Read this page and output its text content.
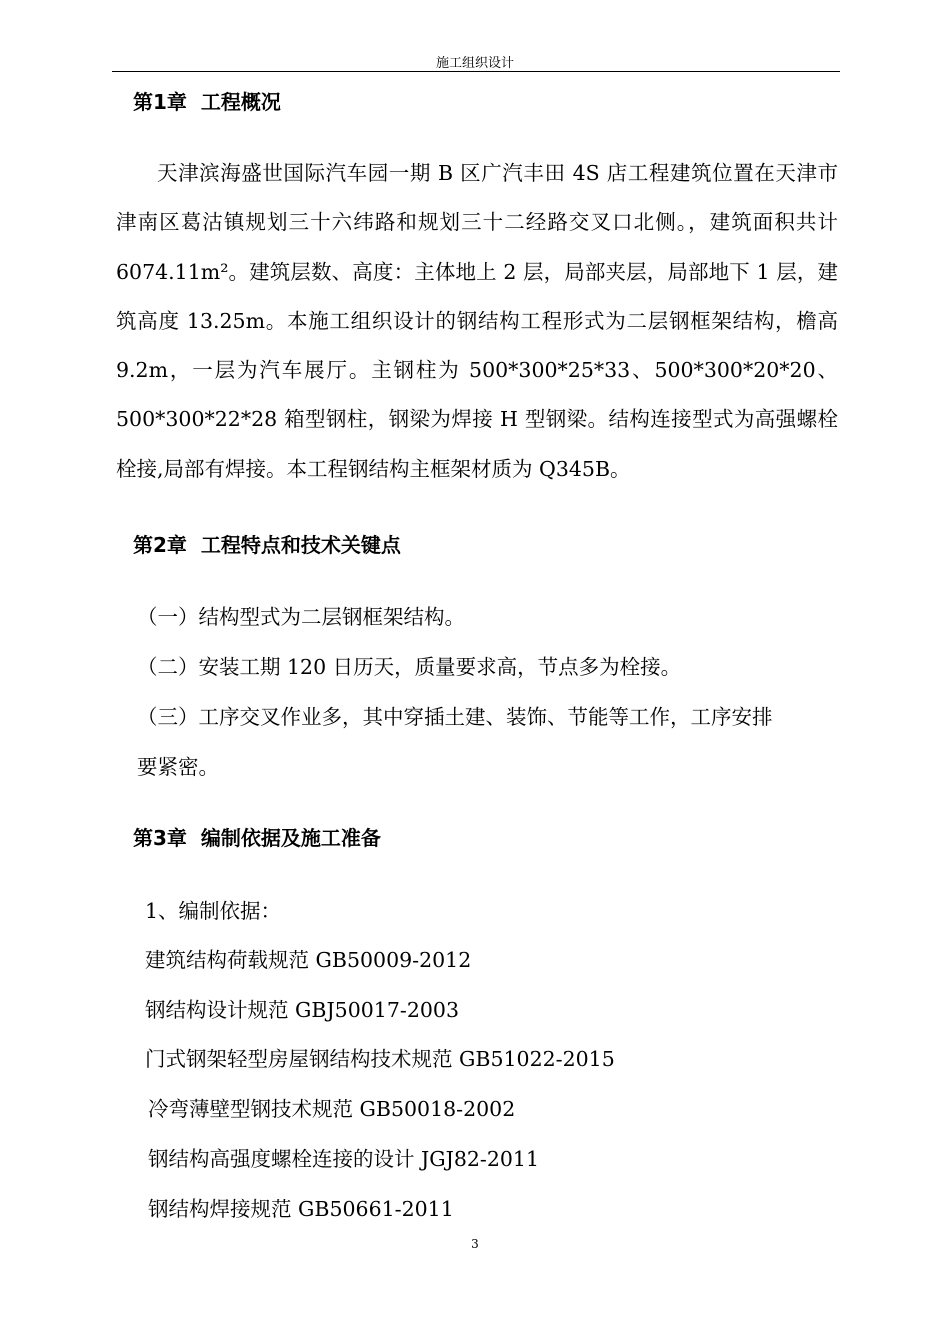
施工组织设计
第1章 工程概况
天津滨海盛世国际汽车园一期 B 区广汽丰田 4S 店工程建筑位置在天津市津南区葛沽镇规划三十六纬路和规划三十二经路交叉口北侧。，建筑面积共计 6074.11m²。建筑层数、高度：主体地上 2 层，局部夹层，局部地下 1 层，建筑高度 13.25m。本施工组织设计的钢结构工程形式为二层钢框架结构，檐高 9.2m，一层为汽车展厅。主钢柱为 500*300*25*33、500*300*20*20、500*300*22*28 箱型钢柱，钢梁为焊接 H 型钢梁。结构连接型式为高强螺栓栓接,局部有焊接。本工程钢结构主框架材质为 Q345B。
第2章 工程特点和技术关键点
（一）结构型式为二层钢框架结构。
（二）安装工期 120 日历天，质量要求高，节点多为栓接。
（三）工序交叉作业多，其中穿插土建、装饰、节能等工作，工序安排
要紧密。
第3章 编制依据及施工准备
1、编制依据：
建筑结构荷载规范 GB50009-2012
钢结构设计规范 GBJ50017-2003
门式钢架轻型房屋钢结构技术规范 GB51022-2015
冷弯薄壁型钢技术规范 GB50018-2002
钢结构高强度螺栓连接的设计 JGJ82-2011
钢结构焊接规范 GB50661-2011
3
